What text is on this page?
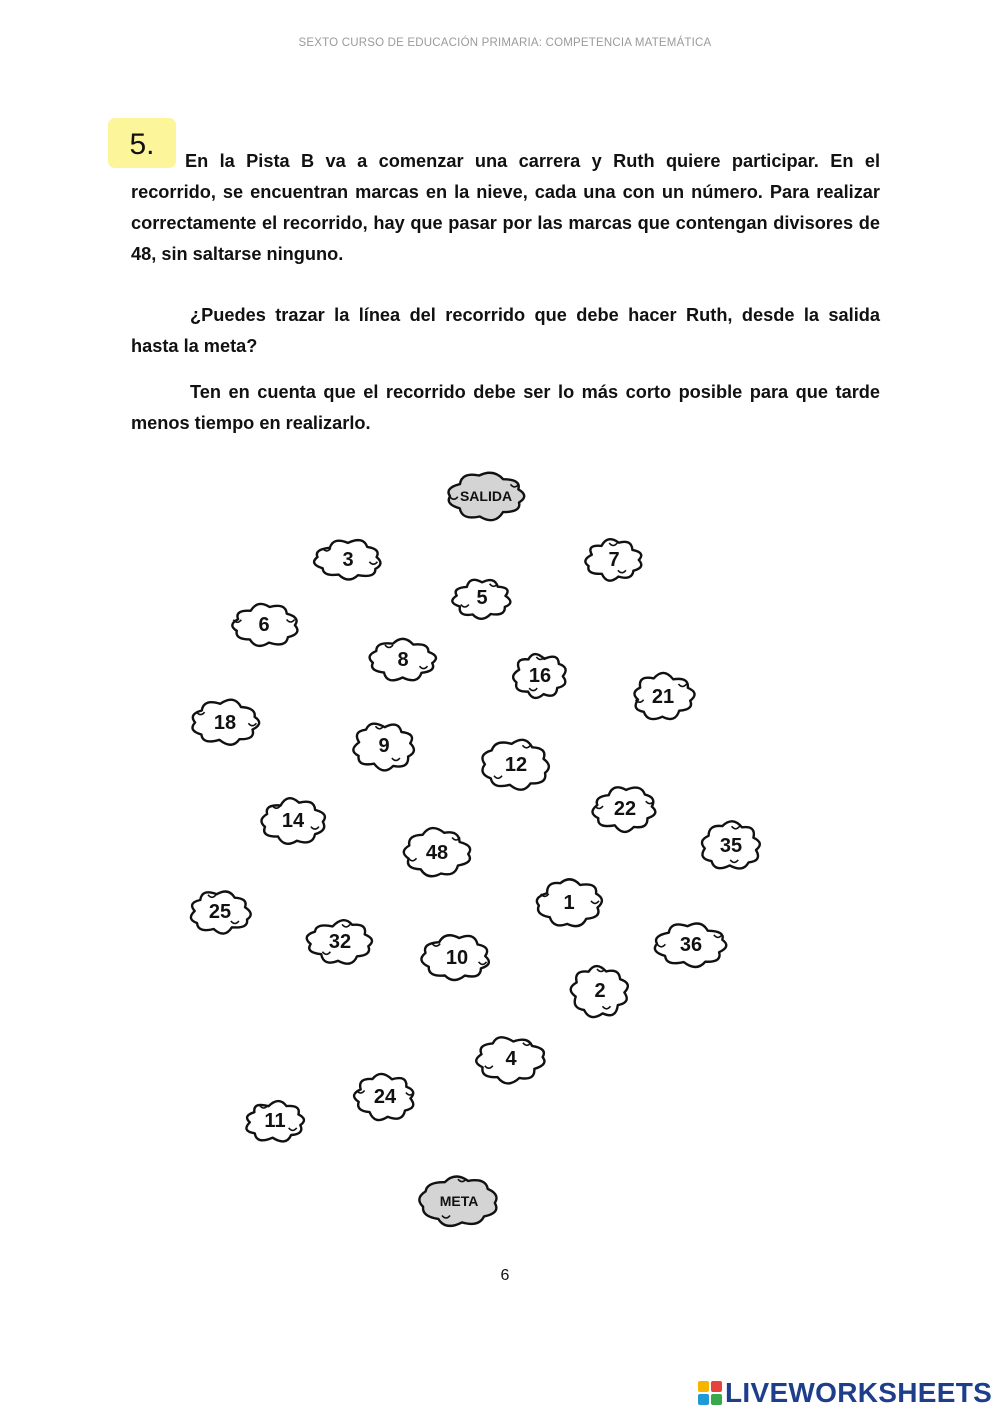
SEXTO CURSO DE EDUCACIÓN PRIMARIA: COMPETENCIA MATEMÁTICA
5.	En la Pista B va a comenzar una carrera y Ruth quiere participar. En el recorrido, se encuentran marcas en la nieve, cada una con un número. Para realizar correctamente el recorrido, hay que pasar por las marcas que contengan divisores de 48, sin saltarse ninguno.
¿Puedes trazar la línea del recorrido que debe hacer Ruth, desde la salida hasta la meta?
Ten en cuenta que el recorrido debe ser lo más corto posible para que tarde menos tiempo en realizarlo.
SALIDA
3	7
5
6
8
16
21
18
9
12
22
14
35
48
1
25
32	36
10
2
4
24
11
META
6
LIVEWORKSHEETS
